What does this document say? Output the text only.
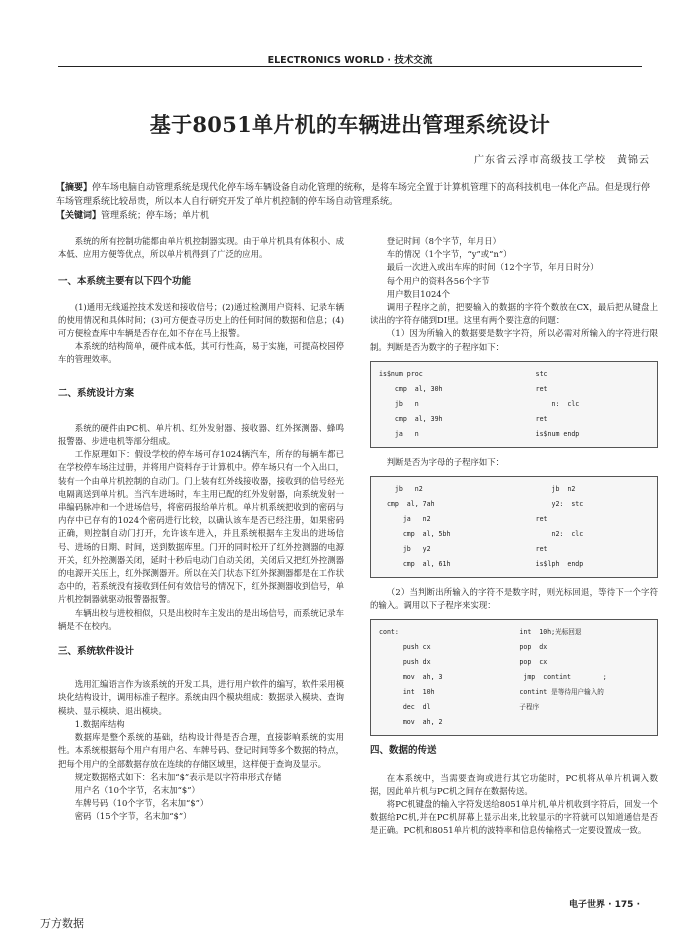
ELECTRONICS WORLD · 技术交流
基于8051单片机的车辆进出管理系统设计
广东省云浮市高级技工学校　黄锦云
【摘要】停车场电脑自动管理系统是现代化停车场车辆设备自动化管理的统称，是将车场完全置于计算机管理下的高科技机电一体化产品。但是现行停车场管理系统比较昂贵，所以本人自行研究开发了单片机控制的停车场自动管理系统。
【关键词】管理系统；停车场；单片机

系统的所有控制功能都由单片机控制器实现。由于单片机具有体积小、成本低、应用方便等优点，所以单片机得到了广泛的应用。

一、本系统主要有以下四个功能

(1)通用无线遥控技术发送和接收信号；(2)通过检测用户资料、记录车辆的使用情况和具体时间；(3)可方便查寻历史上的任何时间的数据和信息；(4)可方便检查库中车辆是否存在,如不存在马上报警。

本系统的结构简单，硬件成本低，其可行性高，易于实施，可提高校园停车的管理效率。

二、系统设计方案

系统的硬件由PC机、单片机、红外发射器、接收器、红外探测器、蜂鸣报警器、步进电机等部分组成。

工作原理如下：假设学校的停车场可存1024辆汽车，所存的每辆车都已在学校停车场注过册，并将用户资料存于计算机中。停车场只有一个入出口，装有一个由单片机控制的自动门。门上装有红外线接收器，接收到的信号经光电隔离送到单片机。当汽车进场时，车主用已配的红外发射器，向系统发射一串编码脉冲和一个进场信号，将密码报给单片机。单片机系统把收到的密码与内存中已存有的1024个密码进行比较，以确认该车是否已经注册，如果密码正确，则控制自动门打开，允许该车进入，并且系统根据车主发出的进场信号、进场的日期、时间，送到数据库里。门开的同时松开了红外控测器的电源开关，红外控测器关闭，延时十秒后电动门自动关闭，关闭后又把红外控测器的电源开关压上，红外探测器开。所以在关门状态下红外探测器都是在工作状态中的，若系统没有接收到任何有效信号的情况下，红外探测器收到信号，单片机控制器就驱动报警器报警。

车辆出校与进校相似，只是出校时车主发出的是出场信号，而系统记录车辆是不在校内。

三、系统软件设计

选用汇编语言作为该系统的开发工具，进行用户软件的编写，软件采用模块化结构设计，调用标准子程序。系统由四个模块组成：数据录入模块、查询模块、显示模块、退出模块。

1.数据库结构

数据库是整个系统的基础，结构设计得是否合理，直接影响系统的实用性。本系统根据每个用户有用户名、车牌号码、登记时间等多个数据的特点，把每个用户的全部数据存放在连续的存储区域里，这样便于查询及显示。

规定数据格式如下：名末加“$”表示是以字符串形式存储

用户名（10个字节，名末加“$”）
车牌号码（10个字节，名末加“$”）
密码（15个字节，名末加“$”）
登记时间（8个字节，年月日）
车的情况（1个字节，“y”或“n”）
最后一次进入或出车库的时间（12个字节，年月日时分）
每个用户的资料各56个字节
用户数目1024个

调用子程序之前，把要输入的数据的字符个数放在CX，最后把从键盘上读出的字符存储到DI里。这里有两个要注意的问题：

（1）因为所输入的数据要是数字字符，所以必需对所输入的字符进行限制。判断是否为数字的子程序如下：

is$num proc	stc
cmp  al, 30h	ret
jb   n	n:  clc
cmp  al, 39h	ret
ja   n	is$num endp

判断是否为字母的子程序如下：

jb   n2	jb  n2
cmp  al, 7ah	y2:  stc
ja   n2	ret
cmp  al, 5bh	n2:  clc
jb   y2	ret
cmp  al, 61h	is$lph  endp

（2）当判断出所输入的字符不是数字时，则光标回退，等待下一个字符的输入。调用以下子程序来实现：

cont:	int  10h;光标回退
push cx	pop  dx
push dx	pop  cx
mov  ah, 3	jmp  contint        ;
int  10h	contint 是等待用户输入的
dec  dl	子程序
mov  ah, 2
四、数据的传送

在本系统中，当需要查询或进行其它功能时，PC机将从单片机调入数据，因此单片机与PC机之间存在数据传送。

将PC机键盘的输入字符发送给8051单片机,单片机收到字符后，回发一个数据给PC机,并在PC机屏幕上显示出来,比较显示的字符就可以知道通信是否是正确。PC机和8051单片机的波特率和信息传输格式一定要设置成一致。

电子世界 · 175 ·
万方数据
